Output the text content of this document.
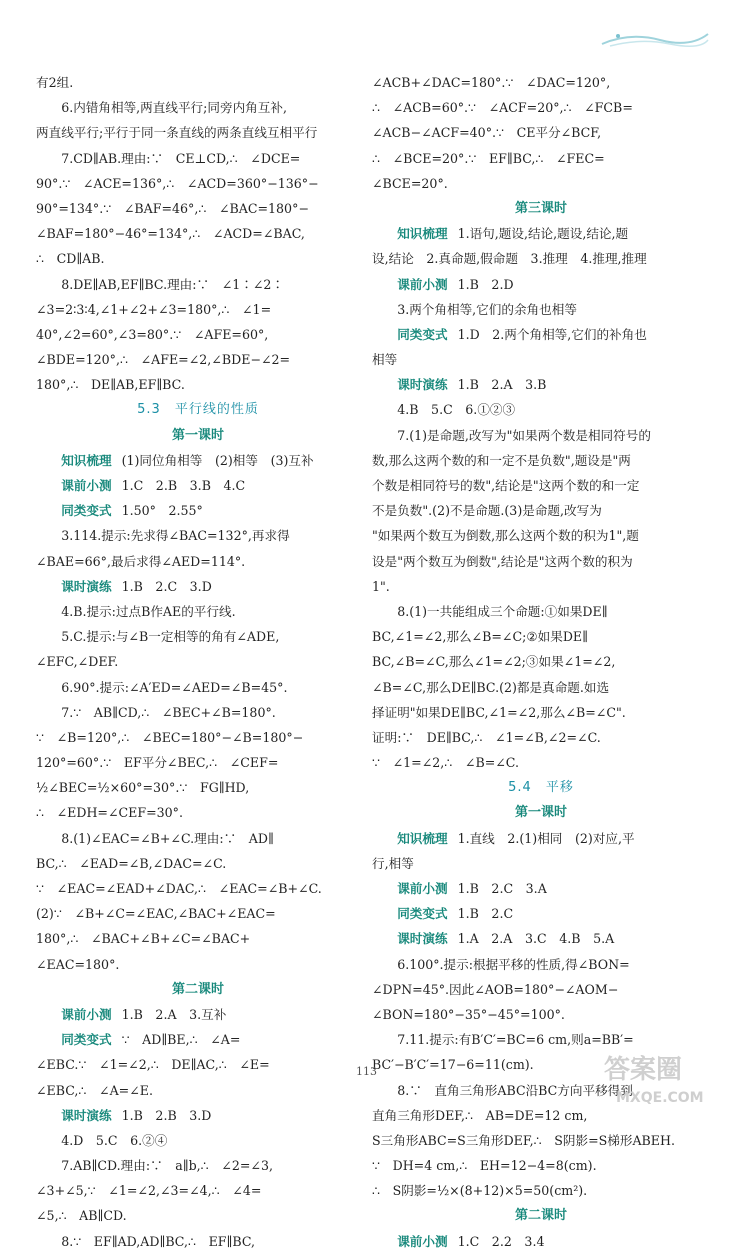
有2组.
6.内错角相等,两直线平行;同旁内角互补,
两直线平行;平行于同一条直线的两条直线互相平行
7.CD∥AB.理由:∵　CE⊥CD,∴　∠DCE=
90°.∵　∠ACE=136°,∴　∠ACD=360°−136°−
90°=134°.∵　∠BAF=46°,∴　∠BAC=180°−
∠BAF=180°−46°=134°,∴　∠ACD=∠BAC,
∴　CD∥AB.
8.DE∥AB,EF∥BC.理由:∵　∠1∶∠2∶
∠3=2∶3∶4,∠1+∠2+∠3=180°,∴　∠1=
40°,∠2=60°,∠3=80°.∵　∠AFE=60°,
∠BDE=120°,∴　∠AFE=∠2,∠BDE−∠2=
180°,∴　DE∥AB,EF∥BC.
5.3　平行线的性质
第一课时
知识梳理 (1)同位角相等　(2)相等　(3)互补
课前小测 1.C　2.B　3.B　4.C
同类变式 1.50°　2.55°
3.114.提示:先求得∠BAC=132°,再求得
∠BAE=66°,最后求得∠AED=114°.
课时演练 1.B　2.C　3.D
4.B.提示:过点B作AE的平行线.
5.C.提示:与∠B一定相等的角有∠ADE,
∠EFC,∠DEF.
6.90°.提示:∠A′ED=∠AED=∠B=45°.
7.∵　AB∥CD,∴　∠BEC+∠B=180°.
∵　∠B=120°,∴　∠BEC=180°−∠B=180°−
120°=60°.∵　EF平分∠BEC,∴　∠CEF=
½∠BEC=½×60°=30°.∵　FG∥HD,
∴　∠EDH=∠CEF=30°.
8.(1)∠EAC=∠B+∠C.理由:∵　AD∥
BC,∴　∠EAD=∠B,∠DAC=∠C.
∵　∠EAC=∠EAD+∠DAC,∴　∠EAC=∠B+∠C.
(2)∵　∠B+∠C=∠EAC,∠BAC+∠EAC=
180°,∴　∠BAC+∠B+∠C=∠BAC+
∠EAC=180°.
第二课时
课前小测 1.B　2.A　3.互补
同类变式 ∵　AD∥BE,∴　∠A=
∠EBC.∵　∠1=∠2,∴　DE∥AC,∴　∠E=
∠EBC,∴　∠A=∠E.
课时演练 1.B　2.B　3.D
4.D　5.C　6.②④
7.AB∥CD.理由:∵　a∥b,∴　∠2=∠3,
∠3+∠5,∵　∠1=∠2,∠3=∠4,∴　∠4=
∠5,∴　AB∥CD.
8.∵　EF∥AD,AD∥BC,∴　EF∥BC,
∠ACB+∠DAC=180°.∵　∠DAC=120°,
∴　∠ACB=60°.∵　∠ACF=20°,∴　∠FCB=
∠ACB−∠ACF=40°.∵　CE平分∠BCF,
∴　∠BCE=20°.∵　EF∥BC,∴　∠FEC=
∠BCE=20°.
第三课时
知识梳理 1.语句,题设,结论,题设,结论,题
设,结论　2.真命题,假命题　3.推理　4.推理,推理
课前小测 1.B　2.D
3.两个角相等,它们的余角也相等
同类变式 1.D　2.两个角相等,它们的补角也
相等
课时演练 1.B　2.A　3.B
4.B　5.C　6.①②③
7.(1)是命题,改写为"如果两个数是相同符号的
数,那么这两个数的和一定不是负数",题设是"两
个数是相同符号的数",结论是"这两个数的和一定
不是负数".(2)不是命题.(3)是命题,改写为
"如果两个数互为倒数,那么这两个数的积为1",题
设是"两个数互为倒数",结论是"这两个数的积为
1".
8.(1)一共能组成三个命题:①如果DE∥
BC,∠1=∠2,那么∠B=∠C;②如果DE∥
BC,∠B=∠C,那么∠1=∠2;③如果∠1=∠2,
∠B=∠C,那么DE∥BC.(2)都是真命题.如选
择证明"如果DE∥BC,∠1=∠2,那么∠B=∠C".
证明:∵　DE∥BC,∴　∠1=∠B,∠2=∠C.
∵　∠1=∠2,∴　∠B=∠C.
5.4　平移
第一课时
知识梳理 1.直线　2.(1)相同　(2)对应,平
行,相等
课前小测 1.B　2.C　3.A
同类变式 1.B　2.C
课时演练 1.A　2.A　3.C　4.B　5.A
6.100°.提示:根据平移的性质,得∠BON=
∠DPN=45°.因此∠AOB=180°−∠AOM−
∠BON=180°−35°−45°=100°.
7.11.提示:有B′C′=BC=6 cm,则a=BB′=
BC′−B′C′=17−6=11(cm).
8.∵　直角三角形ABC沿BC方向平移得到
直角三角形DEF,∴　AB=DE=12 cm,
S三角形ABC=S三角形DEF,∴　S阴影=S梯形ABEH.
∵　DH=4 cm,∴　EH=12−4=8(cm).
∴　S阴影=½×(8+12)×5=50(cm²).
第二课时
课前小测 1.C　2.2　3.4
113	答案圈
MXQE.COM
